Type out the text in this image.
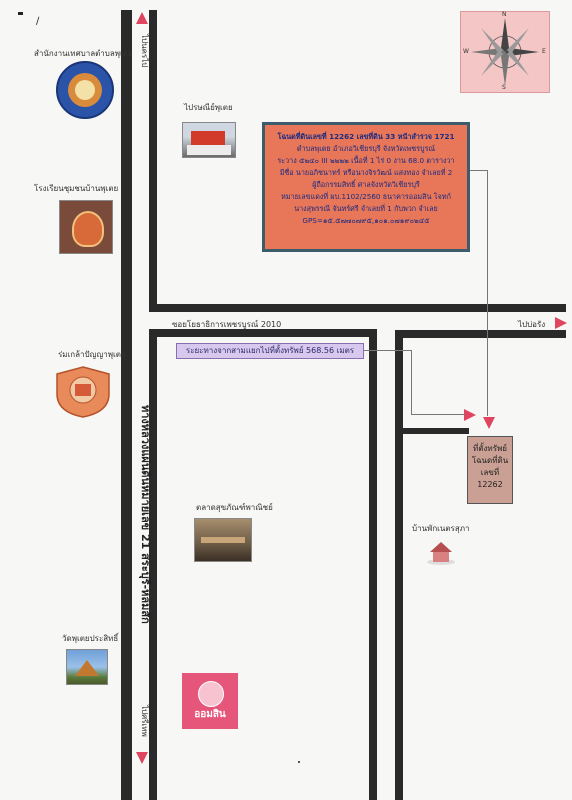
∕
ไปนครไป
ไปศรีเทพ
ไปบ่อรัง
ซอยโยธาธิการเพชรบูรณ์ 2010
ทางหลวงแผ่นดินหมายเลข 21 สระบุรี-หล่มสัก
ระยะทางจากสามแยกไปที่ตั้งทรัพย์ 568.56 เมตร
N
S
W	E
สำนักงานเทศบาลตำบลพุเตย
โรงเรียนชุมชนบ้านพุเตย
ร่มเกล้าปัญญาพุเตย
วัดพุเตยประสิทธิ์
ไปรษณีย์พุเตย
ตลาดสุขภัณฑ์พาณิชย์
ออมสิน
โฉนดที่ดินเลขที่ 12262 เลขที่ดิน 33 หน้าสำรวจ 1721
ตำบลพุเตย อำเภอวิเชียรบุรี จังหวัดเพชรบูรณ์
ระวาง ๕๒๔๐ III ๒๒๒๒ เนื้อที่ 1 ไร่ 0 งาน 68.0 ตารางวา
มีชื่อ นายอภิชนาทร์ หรือนางจิรวัฒน์ แสงทอง จำเลยที่ 2
ผู้ถือกรรมสิทธิ์ ศาลจังหวัดวิเชียรบุรี
หมายเลขแดงที่ ผบ.1102/2560 ธนาคารออมสิน โจทก์
นางสุพรรณี จันทร์ศรี จำเลยที่ 1 กับพวก จำเลย
GPS=๑๕.๕๗๗๐๗๙๕,๑๐๑.๐๗๑๙๐๒๔๕
ที่ตั้งทรัพย์
โฉนดที่ดิน
เลขที่
12262
บ้านพักเนตรสุภา
